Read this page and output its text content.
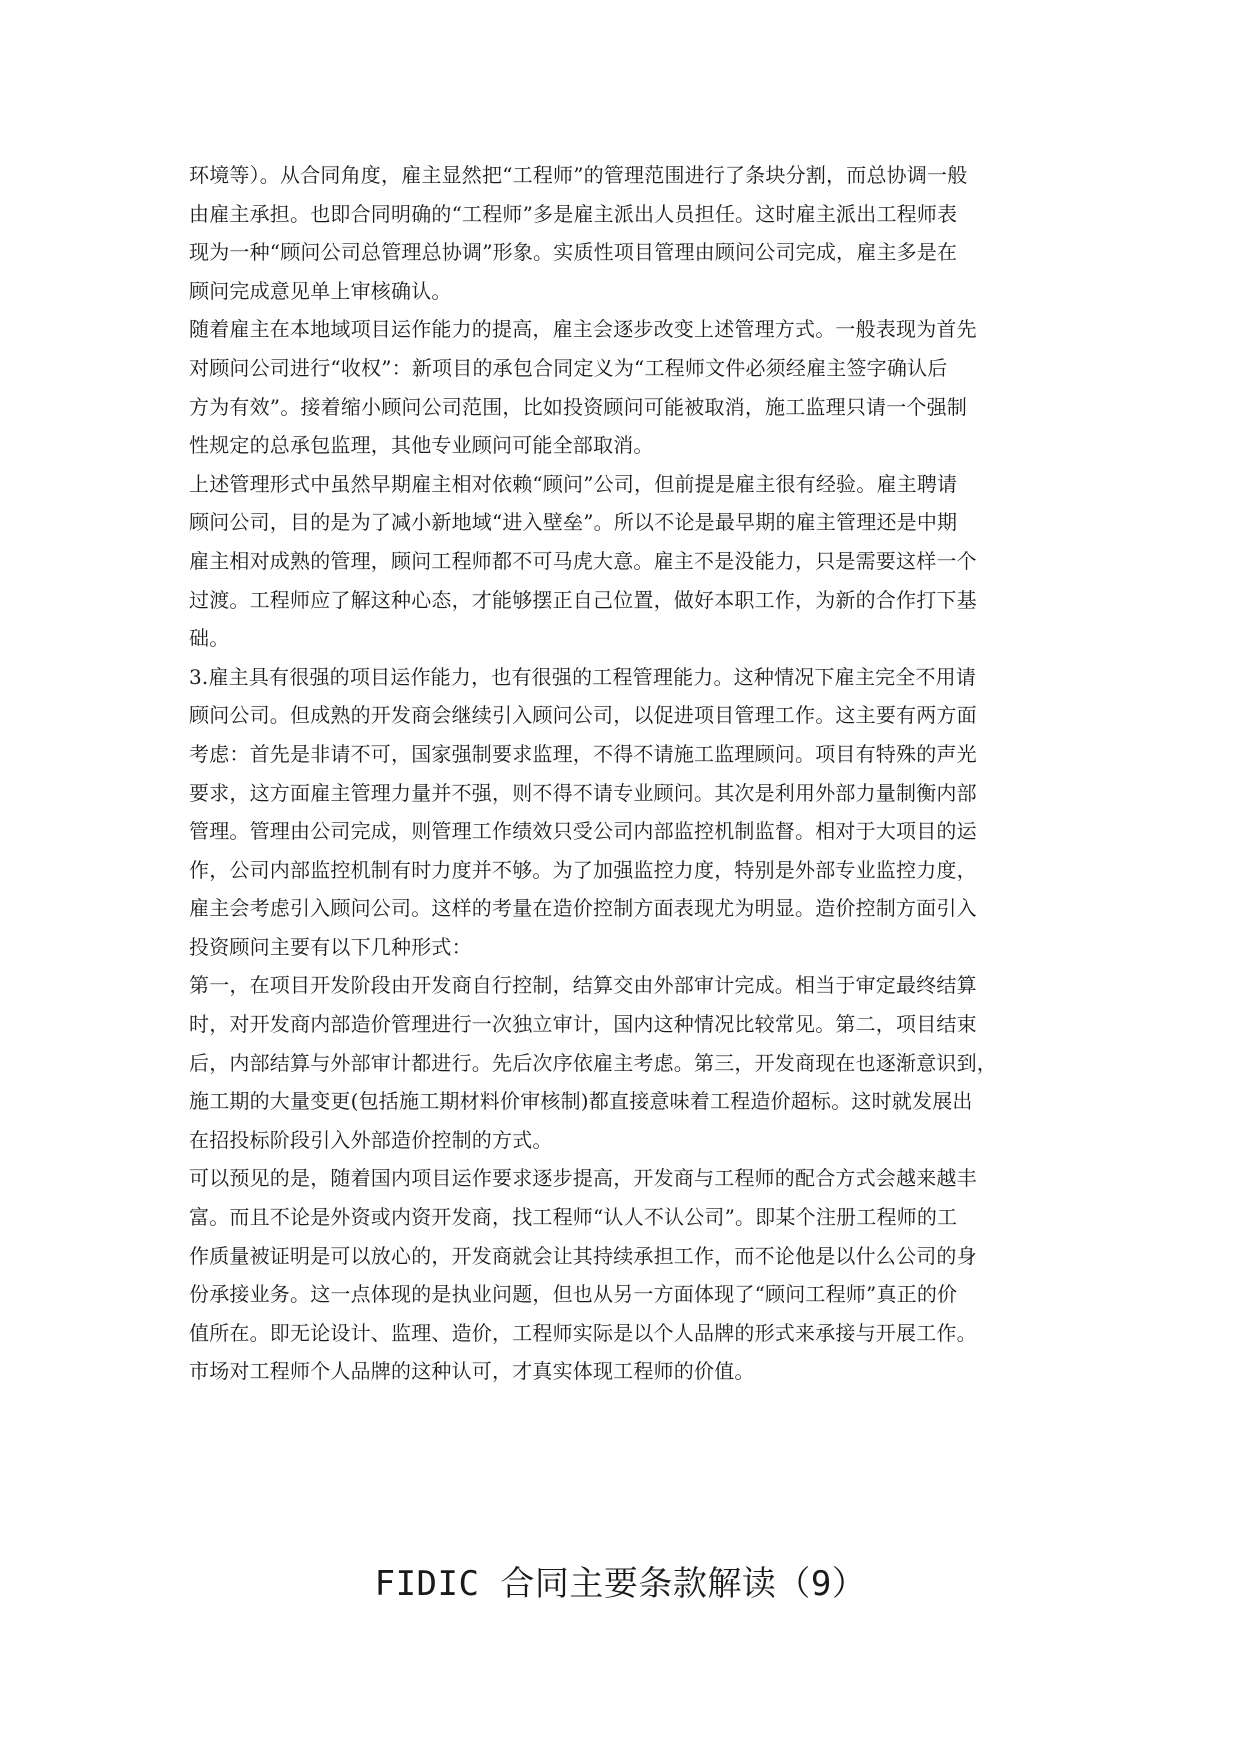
环境等）。从合同角度，雇主显然把“工程师”的管理范围进行了条块分割，而总协调一般
由雇主承担。也即合同明确的“工程师”多是雇主派出人员担任。这时雇主派出工程师表
现为一种“顾问公司总管理总协调”形象。实质性项目管理由顾问公司完成，雇主多是在
顾问完成意见单上审核确认。
随着雇主在本地域项目运作能力的提高，雇主会逐步改变上述管理方式。一般表现为首先
对顾问公司进行“收权”：新项目的承包合同定义为“工程师文件必须经雇主签字确认后
方为有效”。接着缩小顾问公司范围，比如投资顾问可能被取消，施工监理只请一个强制
性规定的总承包监理，其他专业顾问可能全部取消。
上述管理形式中虽然早期雇主相对依赖“顾问”公司，但前提是雇主很有经验。雇主聘请
顾问公司，目的是为了减小新地域“进入壁垒”。所以不论是最早期的雇主管理还是中期
雇主相对成熟的管理，顾问工程师都不可马虎大意。雇主不是没能力，只是需要这样一个
过渡。工程师应了解这种心态，才能够摆正自己位置，做好本职工作，为新的合作打下基
础。
3.雇主具有很强的项目运作能力，也有很强的工程管理能力。这种情况下雇主完全不用请
顾问公司。但成熟的开发商会继续引入顾问公司，以促进项目管理工作。这主要有两方面
考虑：首先是非请不可，国家强制要求监理，不得不请施工监理顾问。项目有特殊的声光
要求，这方面雇主管理力量并不强，则不得不请专业顾问。其次是利用外部力量制衡内部
管理。管理由公司完成，则管理工作绩效只受公司内部监控机制监督。相对于大项目的运
作，公司内部监控机制有时力度并不够。为了加强监控力度，特别是外部专业监控力度，
雇主会考虑引入顾问公司。这样的考量在造价控制方面表现尤为明显。造价控制方面引入
投资顾问主要有以下几种形式：
第一，在项目开发阶段由开发商自行控制，结算交由外部审计完成。相当于审定最终结算
时，对开发商内部造价管理进行一次独立审计，国内这种情况比较常见。第二，项目结束
后，内部结算与外部审计都进行。先后次序依雇主考虑。第三，开发商现在也逐渐意识到，
施工期的大量变更(包括施工期材料价审核制)都直接意味着工程造价超标。这时就发展出
在招投标阶段引入外部造价控制的方式。
可以预见的是，随着国内项目运作要求逐步提高，开发商与工程师的配合方式会越来越丰
富。而且不论是外资或内资开发商，找工程师“认人不认公司”。即某个注册工程师的工
作质量被证明是可以放心的，开发商就会让其持续承担工作，而不论他是以什么公司的身
份承接业务。这一点体现的是执业问题，但也从另一方面体现了“顾问工程师”真正的价
值所在。即无论设计、监理、造价，工程师实际是以个人品牌的形式来承接与开展工作。
市场对工程师个人品牌的这种认可，才真实体现工程师的价值。
FIDIC 合同主要条款解读（9）
